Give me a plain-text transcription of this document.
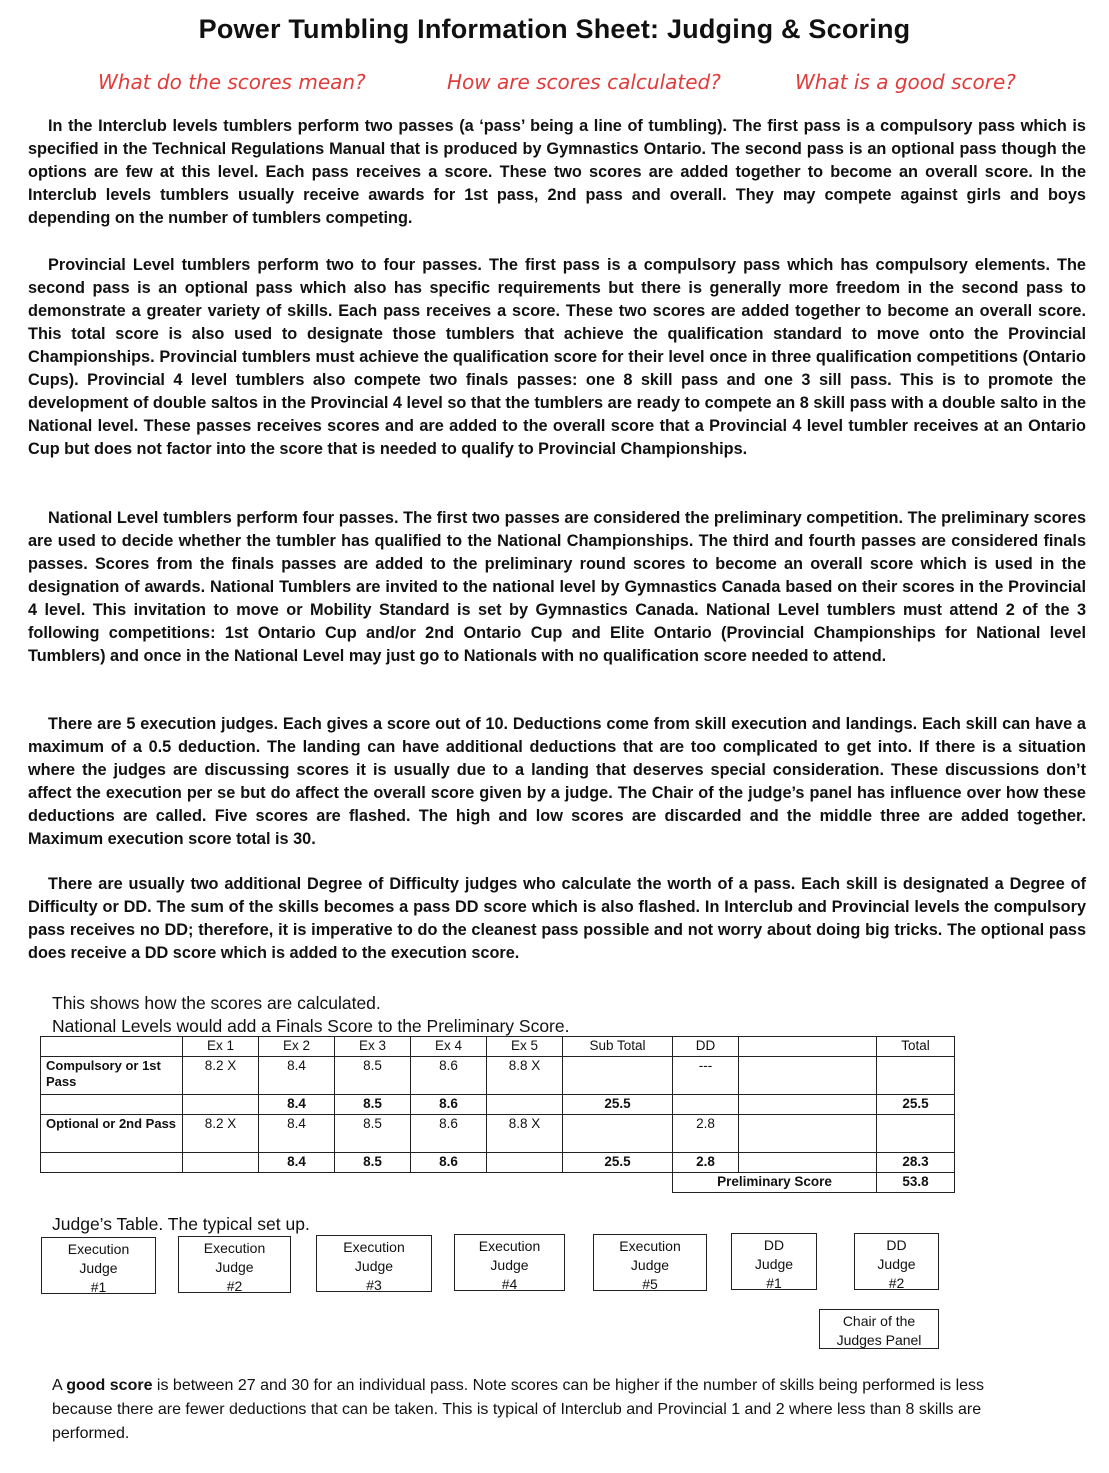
Power Tumbling Information Sheet: Judging & Scoring
What do the scores mean?	How are scores calculated?	What is a good score?

In the Interclub levels tumblers perform two passes (a ‘pass’ being a line of tumbling). The first pass is a compulsory pass which is specified in the Technical Regulations Manual that is produced by Gymnastics Ontario. The second pass is an optional pass though the options are few at this level. Each pass receives a score. These two scores are added together to become an overall score. In the Interclub levels tumblers usually receive awards for 1st pass, 2nd pass and overall. They may compete against girls and boys depending on the number of tumblers competing.

Provincial Level tumblers perform two to four passes. The first pass is a compulsory pass which has compulsory elements. The second pass is an optional pass which also has specific requirements but there is generally more freedom in the second pass to demonstrate a greater variety of skills. Each pass receives a score. These two scores are added together to become an overall score. This total score is also used to designate those tumblers that achieve the qualification standard to move onto the Provincial Championships. Provincial tumblers must achieve the qualification score for their level once in three qualification competitions (Ontario Cups). Provincial 4 level tumblers also compete two finals passes: one 8 skill pass and one 3 sill pass. This is to promote the development of double saltos in the Provincial 4 level so that the tumblers are ready to compete an 8 skill pass with a double salto in the National level. These passes receives scores and are added to the overall score that a Provincial 4 level tumbler receives at an Ontario Cup but does not factor into the score that is needed to qualify to Provincial Championships.

National Level tumblers perform four passes. The first two passes are considered the preliminary competition. The preliminary scores are used to decide whether the tumbler has qualified to the National Championships. The third and fourth passes are considered finals passes. Scores from the finals passes are added to the preliminary round scores to become an overall score which is used in the designation of awards. National Tumblers are invited to the national level by Gymnastics Canada based on their scores in the Provincial 4 level. This invitation to move or Mobility Standard is set by Gymnastics Canada. National Level tumblers must attend 2 of the 3 following competitions: 1st Ontario Cup and/or 2nd Ontario Cup and Elite Ontario (Provincial Championships for National level Tumblers) and once in the National Level may just go to Nationals with no qualification score needed to attend.

There are 5 execution judges. Each gives a score out of 10. Deductions come from skill execution and landings. Each skill can have a maximum of a 0.5 deduction. The landing can have additional deductions that are too complicated to get into. If there is a situation where the judges are discussing scores it is usually due to a landing that deserves special consideration. These discussions don’t affect the execution per se but do affect the overall score given by a judge. The Chair of the judge’s panel has influence over how these deductions are called. Five scores are flashed. The high and low scores are discarded and the middle three are added together. Maximum execution score total is 30.

There are usually two additional Degree of Difficulty judges who calculate the worth of a pass. Each skill is designated a Degree of Difficulty or DD. The sum of the skills becomes a pass DD score which is also flashed. In Interclub and Provincial levels the compulsory pass receives no DD; therefore, it is imperative to do the cleanest pass possible and not worry about doing big tricks. The optional pass does receive a DD score which is added to the execution score.

This shows how the scores are calculated.
National Levels would add a Finals Score to the Preliminary Score.
	Ex 1	Ex 2	Ex 3	Ex 4	Ex 5	Sub Total	DD		Total
Compulsory or 1st Pass	8.2 X	8.4	8.5	8.6	8.8 X		---		
		8.4	8.5	8.6		25.5			25.5
Optional or 2nd Pass	8.2 X	8.4	8.5	8.6	8.8 X		2.8		
		8.4	8.5	8.6		25.5	2.8		28.3
							Preliminary Score		53.8
Judge’s Table. The typical set up.
Execution
Judge
#1
Execution
Judge
#2
Execution
Judge
#3
Execution
Judge
#4
Execution
Judge
#5
DD
Judge
#1
DD
Judge
#2
Chair of the
Judges Panel
A good score is between 27 and 30 for an individual pass. Note scores can be higher if the number of skills being performed is less because there are fewer deductions that can be taken. This is typical of Interclub and Provincial 1 and 2 where less than 8 skills are performed.
